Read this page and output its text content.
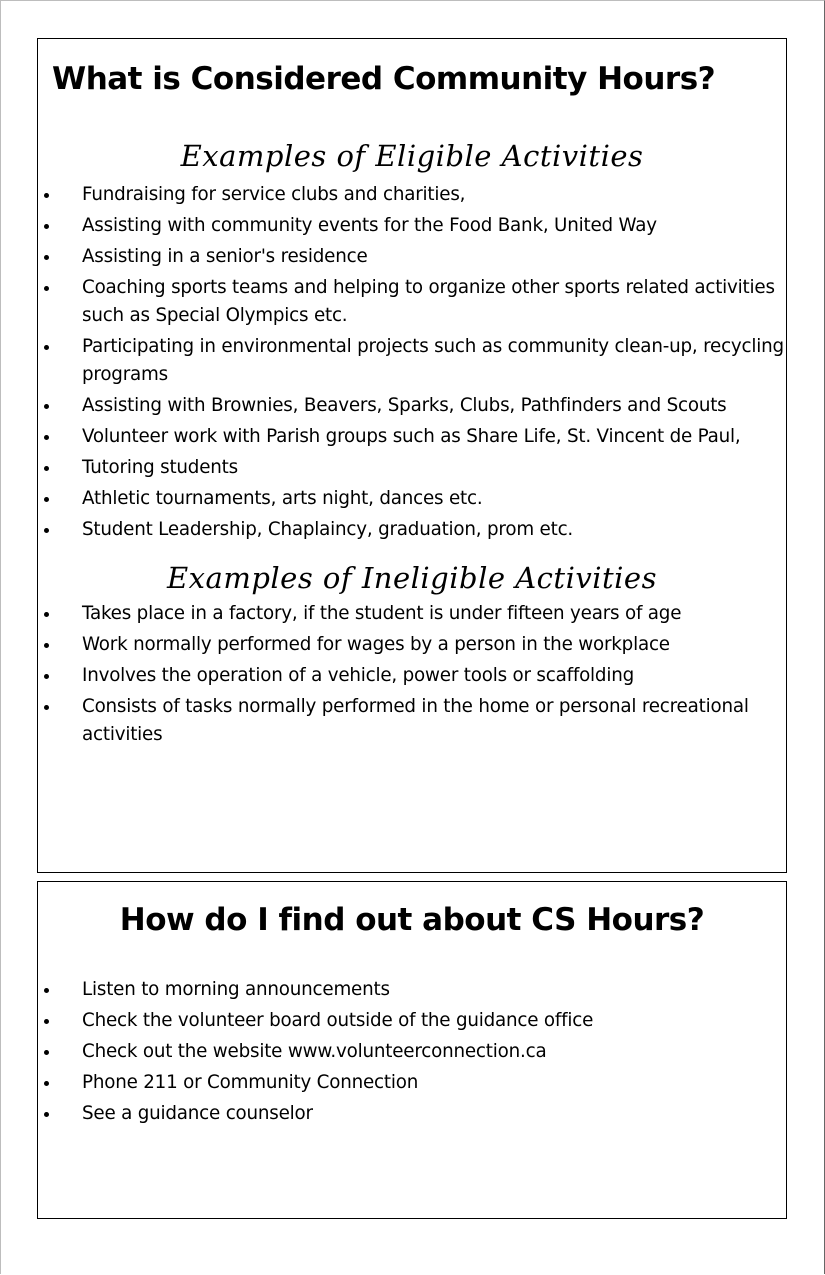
What is Considered Community Hours?
Examples of Eligible Activities
Fundraising for service clubs and charities,
Assisting with community events for the Food Bank, United Way
Assisting in a senior's residence
Coaching sports teams and helping to organize other sports related activities such as Special Olympics etc.
Participating in environmental projects such as community clean-up, recycling programs
Assisting with Brownies, Beavers, Sparks, Clubs, Pathfinders and Scouts
Volunteer work with Parish groups such as Share Life, St. Vincent de Paul,
Tutoring students
Athletic tournaments, arts night, dances etc.
Student Leadership, Chaplaincy, graduation, prom etc.
Examples of Ineligible Activities
Takes place in a factory, if the student is under fifteen years of age
Work normally performed for wages by a person in the workplace
Involves the operation of a vehicle, power tools or scaffolding
Consists of tasks normally performed in the home or personal recreational activities
How do I find out about CS Hours?
Listen to morning announcements
Check the volunteer board outside of the guidance office
Check out the website www.volunteerconnection.ca
Phone 211 or Community Connection
See a guidance counselor
